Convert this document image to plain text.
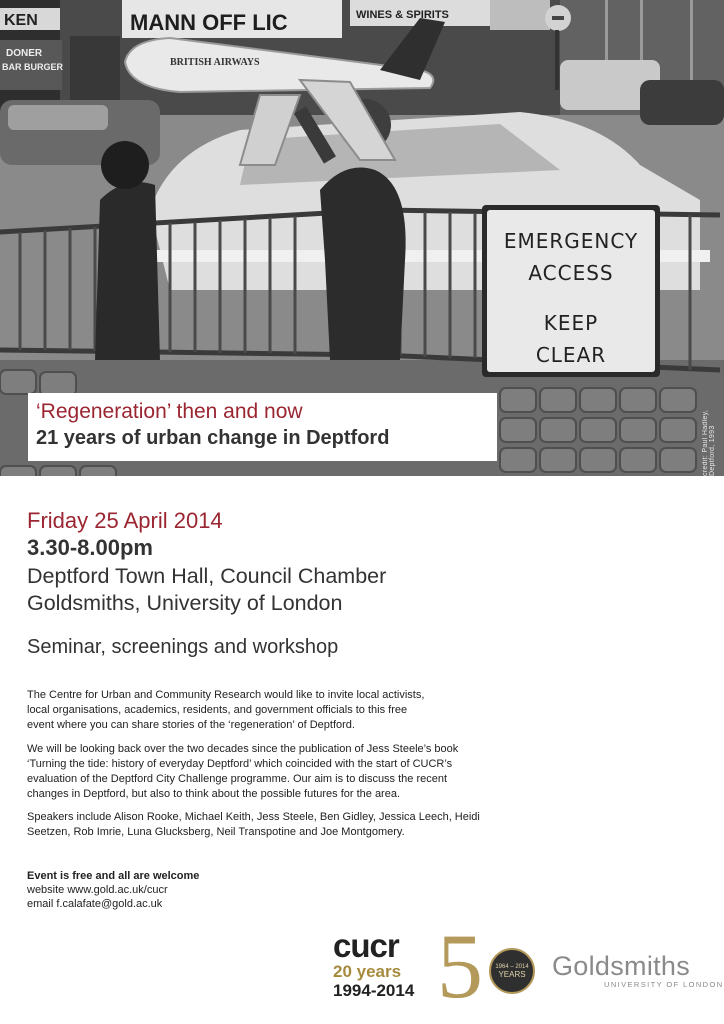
KEN	MANN OFF LIC	WINES & SPIRITS
DONER
BAR BURGER	BRITISH AIRWAYS
EMERGENCY
ACCESS
KEEP
CLEAR
credit: Paul Hadley, Deptford, 1993
‘Regeneration’ then and now
21 years of urban change in Deptford
Friday 25 April 2014
3.30-8.00pm
Deptford Town Hall, Council Chamber
Goldsmiths, University of London
Seminar, screenings and workshop
The Centre for Urban and Community Research would like to invite local activists,
local organisations, academics, residents, and government officials to this free
event where you can share stories of the ‘regeneration’ of Deptford.
We will be looking back over the two decades since the publication of Jess Steele’s book
‘Turning the tide: history of everyday Deptford’ which coincided with the start of CUCR’s
evaluation of the Deptford City Challenge programme. Our aim is to discuss the recent
changes in Deptford, but also to think about the possible futures for the area.
Speakers include Alison Rooke, Michael Keith, Jess Steele, Ben Gidley, Jessica Leech, Heidi
Seetzen, Rob Imrie, Luna Glucksberg, Neil Transpotine and Joe Montgomery.
Event is free and all are welcome
website www.gold.ac.uk/cucr
email f.calafate@gold.ac.uk
cucr
20 years
1994-2014 5	1964 – 2014
YEARS Goldsmiths
UNIVERSITY OF LONDON
